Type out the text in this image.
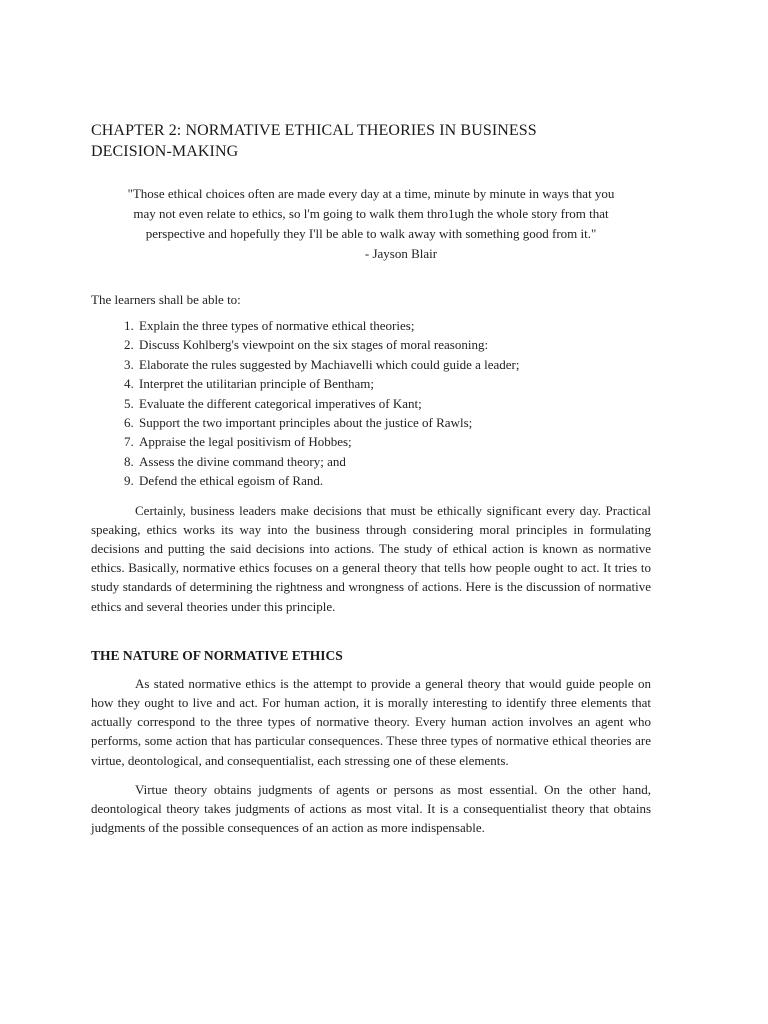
CHAPTER 2: NORMATIVE ETHICAL THEORIES IN BUSINESS
DECISION-MAKING

"Those ethical choices often are made every day at a time, minute by minute in ways that you

may not even relate to ethics, so l'm going to walk them thro1ugh the whole story from that

perspective and hopefully they I'll be able to walk away with something good from it."

- Jayson Blair

The learners shall be able to:

1. Explain the three types of normative ethical theories;
2. Discuss Kohlberg's viewpoint on the six stages of moral reasoning:
3. Elaborate the rules suggested by Machiavelli which could guide a leader;
4. Interpret the utilitarian principle of Bentham;
5. Evaluate the different categorical imperatives of Kant;
6. Support the two important principles about the justice of Rawls;
7. Appraise the legal positivism of Hobbes;
8. Assess the divine command theory; and
9. Defend the ethical egoism of Rand.

Certainly, business leaders make decisions that must be ethically significant every day. Practical speaking, ethics works its way into the business through considering moral principles in formulating decisions and putting the said decisions into actions. The study of ethical action is known as normative ethics. Basically, normative ethics focuses on a general theory that tells how people ought to act. It tries to study standards of determining the rightness and wrongness of actions. Here is the discussion of normative ethics and several theories under this principle.

THE NATURE OF NORMATIVE ETHICS

As stated normative ethics is the attempt to provide a general theory that would guide people on how they ought to live and act. For human action, it is morally interesting to identify three elements that actually correspond to the three types of normative theory. Every human action involves an agent who performs, some action that has particular consequences. These three types of normative ethical theories are virtue, deontological, and consequentialist, each stressing one of these elements.

Virtue theory obtains judgments of agents or persons as most essential. On the other hand, deontological theory takes judgments of actions as most vital. It is a consequentialist theory that obtains judgments of the possible consequences of an action as more indispensable.
